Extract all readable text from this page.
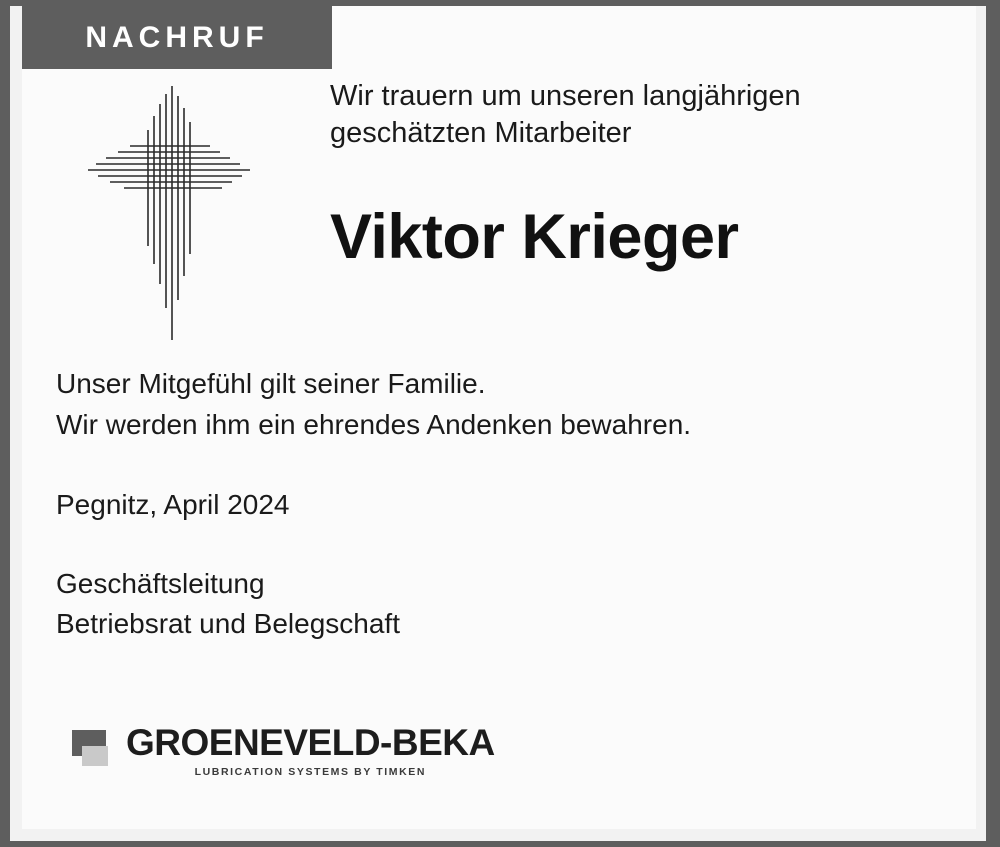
NACHRUF
Wir trauern um unseren langjährigen
geschätzten Mitarbeiter
Viktor Krieger

Unser Mitgefühl gilt seiner Familie.

Wir werden ihm ein ehrendes Andenken bewahren.

Pegnitz, April 2024

Geschäftsleitung

Betriebsrat und Belegschaft

GROENEVELD-BEKA
LUBRICATION SYSTEMS BY TIMKEN
